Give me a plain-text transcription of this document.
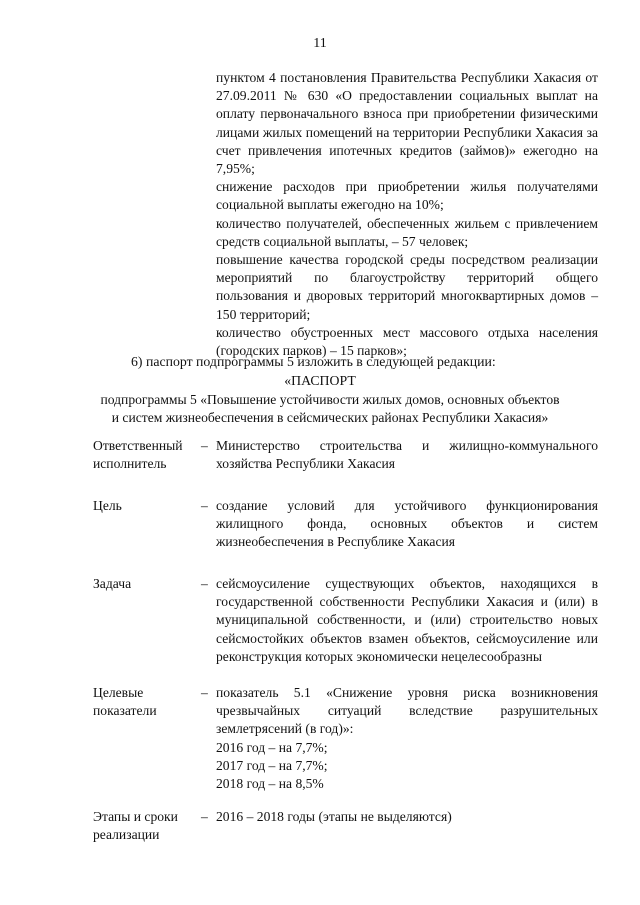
11

пунктом 4 постановления Правительства Республики Хакасия от 27.09.2011 № 630 «О предоставлении социальных выплат на оплату первоначального взноса при приобретении физическими лицами жилых помещений на территории Республики Хакасия за счет привлечения ипотечных кредитов (займов)» ежегодно на 7,95%;

снижение расходов при приобретении жилья получателями социальной выплаты ежегодно на 10%;

количество получателей, обеспеченных жильем с привлечением средств социальной выплаты, – 57 человек;

повышение качества городской среды посредством реализации мероприятий по благоустройству территорий общего пользования и дворовых территорий многоквартирных домов – 150 территорий;

количество обустроенных мест массового отдыха населения (городских парков) – 15 парков»;

6) паспорт подпрограммы 5 изложить в следующей редакции:
«ПАСПОРТ
подпрограммы 5 «Повышение устойчивости жилых домов, основных объектов
и систем жизнеобеспечения в сейсмических районах Республики Хакасия»
Ответственный исполнитель
– Министерство строительства и жилищно-коммунального хозяйства Республики Хакасия

Цель	– создание условий для устойчивого функционирования жилищного фонда, основных объектов и систем жизнеобеспечения в Республике Хакасия

Задача	– сейсмоусиление существующих объектов, находящихся в государственной собственности Республики Хакасия и (или) в муниципальной собственности, и (или) строительство новых сейсмостойких объектов взамен объектов, сейсмоусиление или реконструкция которых экономически нецелесообразны

Целевые показатели
– показатель 5.1 «Снижение уровня риска возникновения чрезвычайных ситуаций вследствие разрушительных землетрясений (в год)»:

2016 год – на 7,7%;
2017 год – на 7,7%;
2018 год – на 8,5%
Этапы и сроки реализации
– 2016 – 2018 годы (этапы не выделяются)
